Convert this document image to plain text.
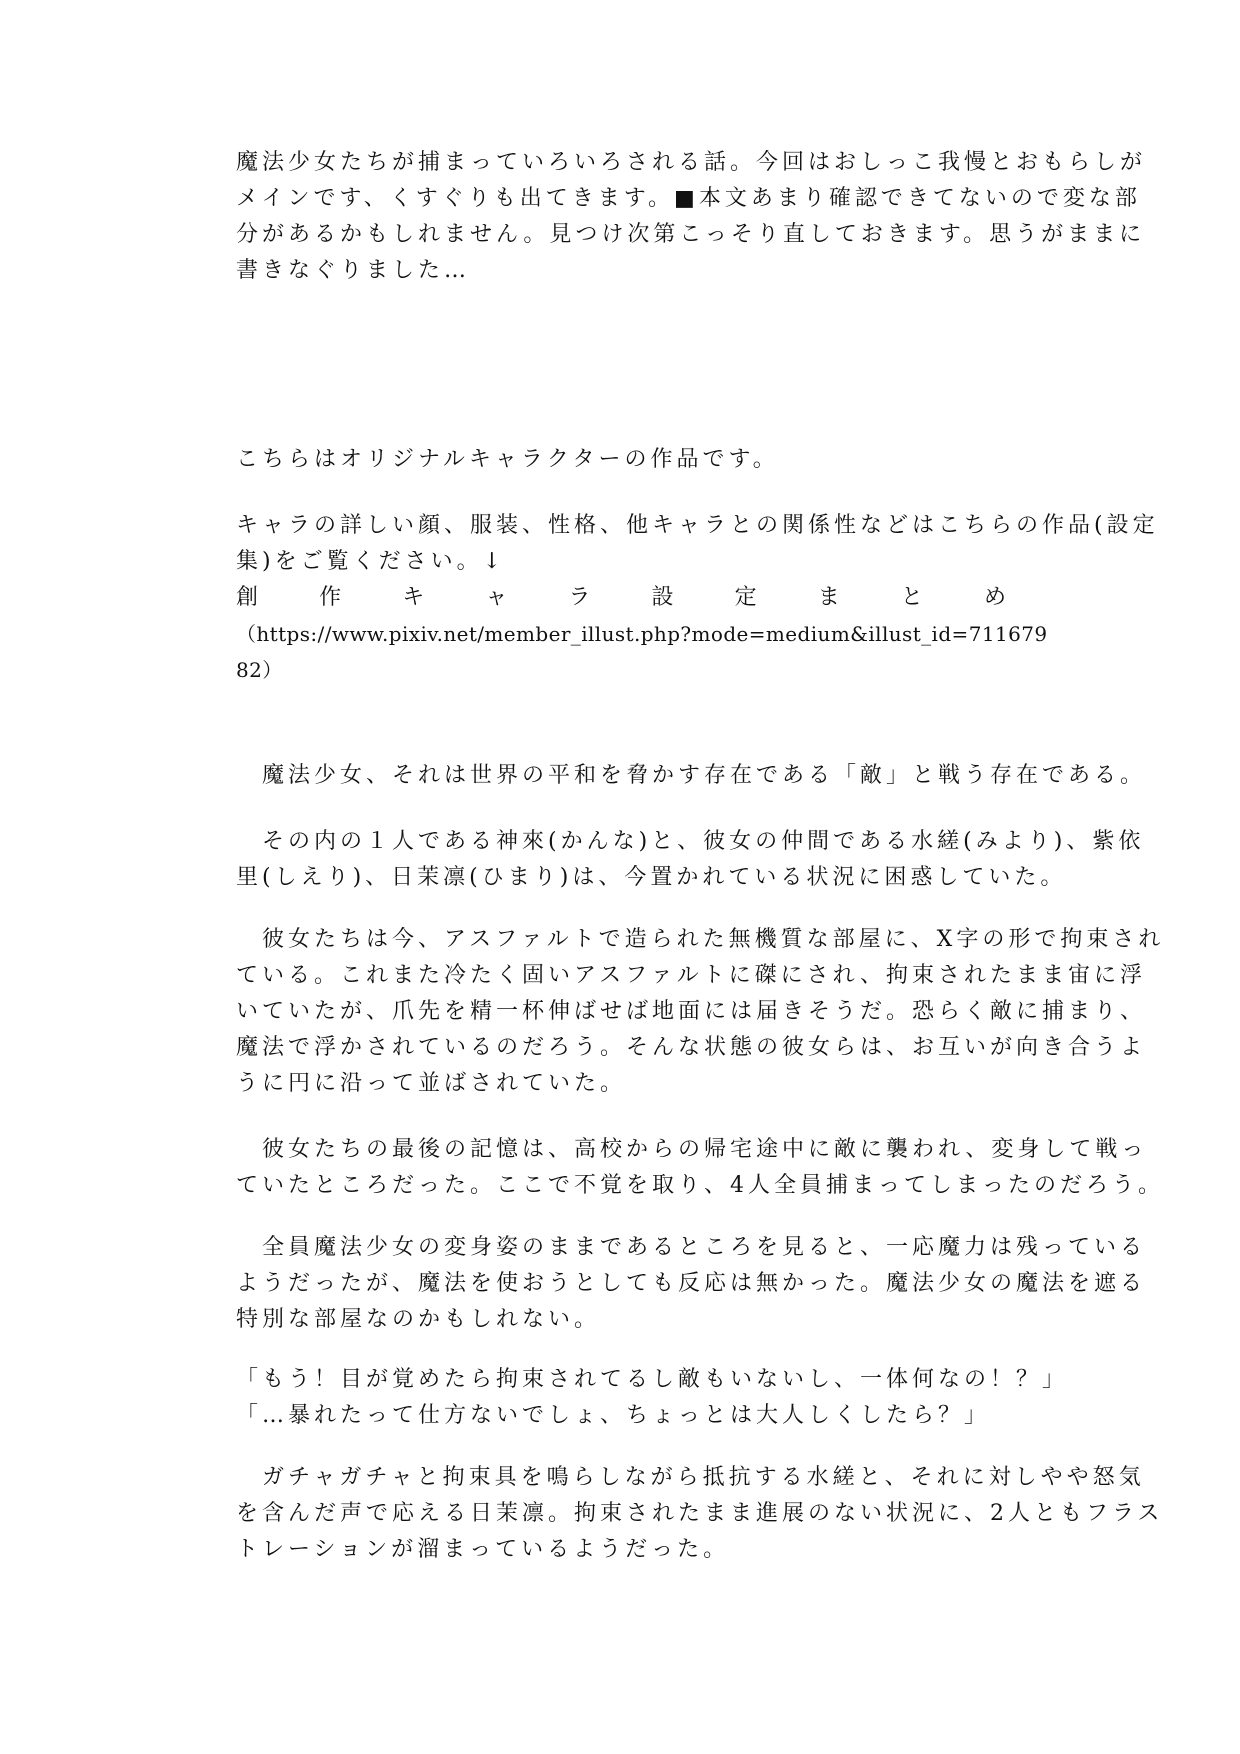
魔法少女たちが捕まっていろいろされる話。今回はおしっこ我慢とおもらしが
メインです、くすぐりも出てきます。■本文あまり確認できてないので変な部
分があるかもしれません。見つけ次第こっそり直しておきます。思うがままに
書きなぐりました…
こちらはオリジナルキャラクターの作品です。
キャラの詳しい顔、服装、性格、他キャラとの関係性などはこちらの作品(設定
集)をご覧ください。↓
創	作	キ	ャ	ラ	設	定	ま	と	め
（https://www.pixiv.net/member_illust.php?mode=medium&illust_id=711679
82）
　魔法少女、それは世界の平和を脅かす存在である「敵」と戦う存在である。
　その内の１人である神來(かんな)と、彼女の仲間である水縒(みより)、紫依
里(しえり)、日茉凛(ひまり)は、今置かれている状況に困惑していた。
　彼女たちは今、アスファルトで造られた無機質な部屋に、X字の形で拘束され
ている。これまた冷たく固いアスファルトに磔にされ、拘束されたまま宙に浮
いていたが、爪先を精一杯伸ばせば地面には届きそうだ。恐らく敵に捕まり、
魔法で浮かされているのだろう。そんな状態の彼女らは、お互いが向き合うよ
うに円に沿って並ばされていた。
　彼女たちの最後の記憶は、高校からの帰宅途中に敵に襲われ、変身して戦っ
ていたところだった。ここで不覚を取り、4人全員捕まってしまったのだろう。
　全員魔法少女の変身姿のままであるところを見ると、一応魔力は残っている
ようだったが、魔法を使おうとしても反応は無かった。魔法少女の魔法を遮る
特別な部屋なのかもしれない。
「もう！目が覚めたら拘束されてるし敵もいないし、一体何なの！？」
「…暴れたって仕方ないでしょ、ちょっとは大人しくしたら？」
　ガチャガチャと拘束具を鳴らしながら抵抗する水縒と、それに対しやや怒気
を含んだ声で応える日茉凛。拘束されたまま進展のない状況に、2人ともフラス
トレーションが溜まっているようだった。
